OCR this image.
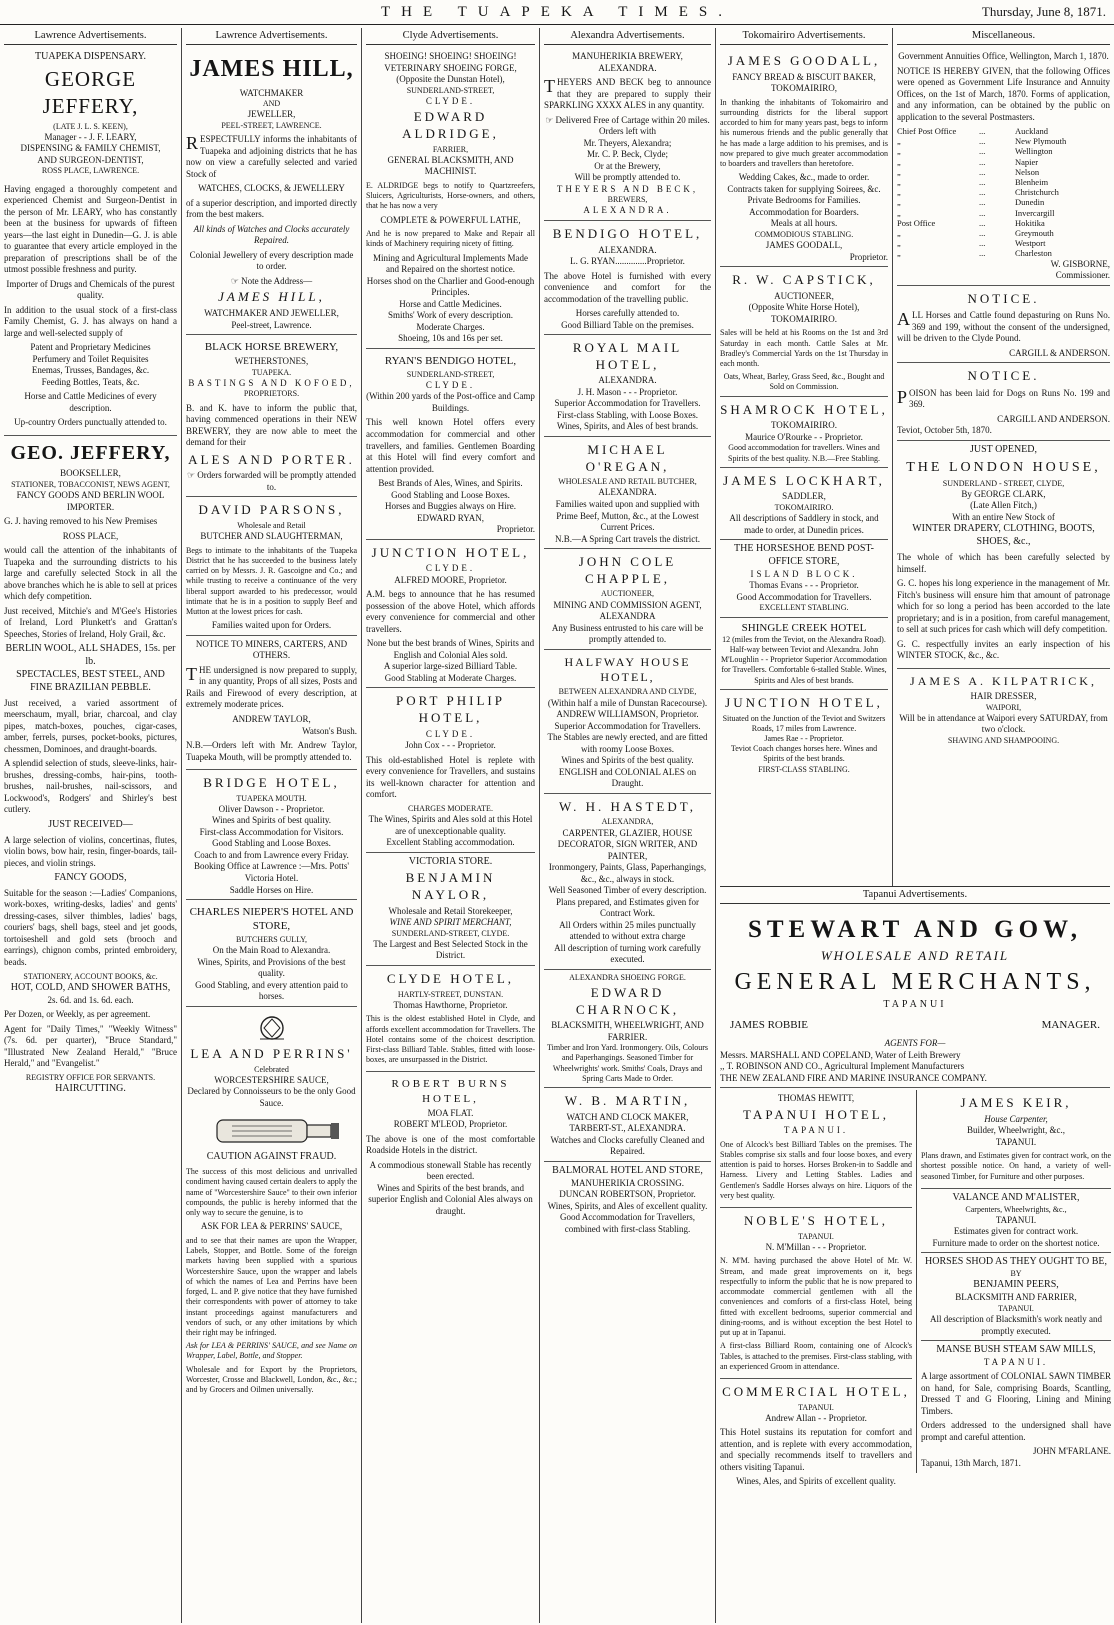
THE TUAPEKA TIMES.	Thursday, June 8, 1871.
Lawrence Advertisements.
TUAPEKA DISPENSARY.
GEORGE JEFFERY,
(LATE J. L. S. KEEN),
Manager - - J. F. LEARY,
DISPENSING & FAMILY CHEMIST,
AND SURGEON-DENTIST,
ROSS PLACE, LAWRENCE.

Having engaged a thoroughly competent and experienced Chemist and Surgeon-Dentist in the person of Mr. LEARY, who has constantly been at the business for upwards of fifteen years—the last eight in Dunedin—G. J. is able to guarantee that every article employed in the preparation of prescriptions shall be of the utmost possible freshness and purity.

Importer of Drugs and Chemicals of the purest quality.

In addition to the usual stock of a first-class Family Chemist, G. J. has always on hand a large and well-selected supply of

Patent and Proprietary Medicines
Perfumery and Toilet Requisites
Enemas, Trusses, Bandages, &c.
Feeding Bottles, Teats, &c.

Horse and Cattle Medicines of every description.

Up-country Orders punctually attended to.

GEO. JEFFERY,
BOOKSELLER,
STATIONER, TOBACCONIST, NEWS AGENT,
FANCY GOODS AND BERLIN WOOL IMPORTER.

G. J. having removed to his New Premises

ROSS PLACE,

would call the attention of the inhabitants of Tuapeka and the surrounding districts to his large and carefully selected Stock in all the above branches which he is able to sell at prices which defy competition.

Just received, Mitchie's and M'Gee's Histories of Ireland, Lord Plunkett's and Grattan's Speeches, Stories of Ireland, Holy Grail, &c.

BERLIN WOOL, ALL SHADES, 15s. per lb.
SPECTACLES, BEST STEEL, AND FINE BRAZILIAN PEBBLE.

Just received, a varied assortment of meerschaum, myall, briar, charcoal, and clay pipes, match-boxes, pouches, cigar-cases, amber, ferrels, purses, pocket-books, pictures, chessmen, Dominoes, and draught-boards.

A splendid selection of studs, sleeve-links, hair-brushes, dressing-combs, hair-pins, tooth-brushes, nail-brushes, nail-scissors, and Lockwood's, Rodgers' and Shirley's best cutlery.

JUST RECEIVED—

A large selection of violins, concertinas, flutes, violin bows, bow hair, resin, finger-boards, tail-pieces, and violin strings.

FANCY GOODS,

Suitable for the season :—Ladies' Companions, work-boxes, writing-desks, ladies' and gents' dressing-cases, silver thimbles, ladies' bags, couriers' bags, shell bags, steel and jet goods, tortoiseshell and gold sets (brooch and earrings), chignon combs, printed embroidery, beads.

STATIONERY, ACCOUNT BOOKS, &c.
HOT, COLD, AND SHOWER BATHS,
2s. 6d. and 1s. 6d. each.

Per Dozen, or Weekly, as per agreement.

Agent for "Daily Times," "Weekly Witness" (7s. 6d. per quarter), "Bruce Standard," "Illustrated New Zealand Herald," "Bruce Herald," and "Evangelist."

REGISTRY OFFICE FOR SERVANTS.
HAIRCUTTING.
Lawrence Advertisements.
JAMES HILL,
WATCHMAKER
AND
JEWELLER,
PEEL-STREET, LAWRENCE.

RESPECTFULLY informs the inhabitants of Tuapeka and adjoining districts that he has now on view a carefully selected and varied Stock of

WATCHES, CLOCKS, & JEWELLERY

of a superior description, and imported directly from the best makers.

All kinds of Watches and Clocks accurately Repaired.

Colonial Jewellery of every description made to order.

☞ Note the Address—
JAMES HILL,
WATCHMAKER AND JEWELLER,
Peel-street, Lawrence.
BLACK HORSE BREWERY,
WETHERSTONES,
TUAPEKA.
BASTINGS AND KOFOED,
PROPRIETORS.

B. and K. have to inform the public that, having commenced operations in their NEW BREWERY, they are now able to meet the demand for their

ALES AND PORTER.
☞ Orders forwarded will be promptly attended to.
DAVID PARSONS,
Wholesale and Retail
BUTCHER AND SLAUGHTERMAN,

Begs to intimate to the inhabitants of the Tuapeka District that he has succeeded to the business lately carried on by Messrs. J. R. Gascoigne and Co.; and while trusting to receive a continuance of the very liberal support awarded to his predecessor, would intimate that he is in a position to supply Beef and Mutton at the lowest prices for cash.

Families waited upon for Orders.
NOTICE TO MINERS, CARTERS, AND OTHERS.

THE undersigned is now prepared to supply, in any quantity, Props of all sizes, Posts and Rails and Firewood of every description, at extremely moderate prices.

ANDREW TAYLOR,
Watson's Bush.

N.B.—Orders left with Mr. Andrew Taylor, Tuapeka Mouth, will be promptly attended to.

BRIDGE HOTEL,
TUAPEKA MOUTH.
Oliver Dawson - - Proprietor.
Wines and Spirits of best quality.
First-class Accommodation for Visitors.
Good Stabling and Loose Boxes.
Coach to and from Lawrence every Friday. Booking Office at Lawrence :—Mrs. Potts' Victoria Hotel.
Saddle Horses on Hire.
CHARLES NIEPER'S HOTEL AND STORE,
BUTCHERS GULLY,
On the Main Road to Alexandra.
Wines, Spirits, and Provisions of the best quality.
Good Stabling, and every attention paid to horses.
LEA AND PERRINS'
Celebrated
WORCESTERSHIRE SAUCE,
Declared by Connoisseurs to be the only Good Sauce.
CAUTION AGAINST FRAUD.

The success of this most delicious and unrivalled condiment having caused certain dealers to apply the name of "Worcestershire Sauce" to their own inferior compounds, the public is hereby informed that the only way to secure the genuine, is to

ASK FOR LEA & PERRINS' SAUCE,

and to see that their names are upon the Wrapper, Labels, Stopper, and Bottle. Some of the foreign markets having been supplied with a spurious Worcestershire Sauce, upon the wrapper and labels of which the names of Lea and Perrins have been forged, L. and P. give notice that they have furnished their correspondents with power of attorney to take instant proceedings against manufacturers and vendors of such, or any other imitations by which their right may be infringed.

Ask for LEA & PERRINS' SAUCE, and see Name on Wrapper, Label, Bottle, and Stopper.

Wholesale and for Export by the Proprietors, Worcester, Crosse and Blackwell, London, &c., &c.; and by Grocers and Oilmen universally.

Clyde Advertisements.
SHOEING! SHOEING! SHOEING!
VETERINARY SHOEING FORGE,
(Opposite the Dunstan Hotel),
SUNDERLAND-STREET,
CLYDE.
EDWARD ALDRIDGE,
FARRIER,
GENERAL BLACKSMITH, AND MACHINIST.

E. ALDRIDGE begs to notify to Quartzreefers, Sluicers, Agriculturists, Horse-owners, and others, that he has now a very

COMPLETE & POWERFUL LATHE,

And he is now prepared to Make and Repair all kinds of Machinery requiring nicety of fitting.

Mining and Agricultural Implements Made and Repaired on the shortest notice.
Horses shod on the Charlier and Good-enough Principles.
Horse and Cattle Medicines.
Smiths' Work of every description.
Moderate Charges.
Shoeing, 10s and 16s per set.
RYAN'S BENDIGO HOTEL,
SUNDERLAND-STREET,
CLYDE.
(Within 200 yards of the Post-office and Camp Buildings.

This well known Hotel offers every accommodation for commercial and other travellers, and families. Gentlemen Boarding at this Hotel will find every comfort and attention provided.

Best Brands of Ales, Wines, and Spirits.
Good Stabling and Loose Boxes.
Horses and Buggies always on Hire.
EDWARD RYAN,
Proprietor.
JUNCTION HOTEL,
CLYDE.
ALFRED MOORE, Proprietor.

A.M. begs to announce that he has resumed possession of the above Hotel, which affords every convenience for commercial and other travellers.

None but the best brands of Wines, Spirits and English and Colonial Ales sold.
A superior large-sized Billiard Table.
Good Stabling at Moderate Charges.
PORT PHILIP HOTEL,
CLYDE.
John Cox - - - Proprietor.

This old-established Hotel is replete with every convenience for Travellers, and sustains its well-known character for attention and comfort.

CHARGES MODERATE.
The Wines, Spirits and Ales sold at this Hotel are of unexceptionable quality.
Excellent Stabling accommodation.
VICTORIA STORE.
BENJAMIN NAYLOR,
Wholesale and Retail Storekeeper,
WINE AND SPIRIT MERCHANT,
SUNDERLAND-STREET, CLYDE.
The Largest and Best Selected Stock in the District.
CLYDE HOTEL,
HARTLY-STREET, DUNSTAN.
Thomas Hawthorne, Proprietor.

This is the oldest established Hotel in Clyde, and affords excellent accommodation for Travellers. The Hotel contains some of the choicest description. First-class Billiard Table. Stables, fitted with loose-boxes, are unsurpassed in the District.

ROBERT BURNS HOTEL,
MOA FLAT.
ROBERT M'LEOD, Proprietor.

The above is one of the most comfortable Roadside Hotels in the district.

A commodious stonewall Stable has recently been erected.
Wines and Spirits of the best brands, and superior English and Colonial Ales always on draught.
Alexandra Advertisements.
MANUHERIKIA BREWERY,
ALEXANDRA.

THEYERS AND BECK beg to announce that they are prepared to supply their SPARKLING XXXX ALES in any quantity.

☞ Delivered Free of Cartage within 20 miles.
Orders left with
Mr. Theyers, Alexandra;
Mr. C. P. Beck, Clyde;
Or at the Brewery,
Will be promptly attended to.
THEYERS AND BECK,
BREWERS,
ALEXANDRA.
BENDIGO HOTEL,
ALEXANDRA.
L. G. RYAN..............Proprietor.

The above Hotel is furnished with every convenience and comfort for the accommodation of the travelling public.

Horses carefully attended to.
Good Billiard Table on the premises.
ROYAL MAIL HOTEL,
ALEXANDRA.
J. H. Mason - - - Proprietor.
Superior Accommodation for Travellers.
First-class Stabling, with Loose Boxes.
Wines, Spirits, and Ales of best brands.
MICHAEL O'REGAN,
WHOLESALE AND RETAIL BUTCHER,
ALEXANDRA.
Families waited upon and supplied with Prime Beef, Mutton, &c., at the Lowest Current Prices.
N.B.—A Spring Cart travels the district.
JOHN COLE CHAPPLE,
AUCTIONEER,
MINING AND COMMISSION AGENT,
ALEXANDRA
Any Business entrusted to his care will be promptly attended to.
HALFWAY HOUSE HOTEL,
BETWEEN ALEXANDRA AND CLYDE,
(Within half a mile of Dunstan Racecourse).
ANDREW WILLIAMSON, Proprietor.
Superior Accommodation for Travellers.
The Stables are newly erected, and are fitted with roomy Loose Boxes.
Wines and Spirits of the best quality.
ENGLISH and COLONIAL ALES on Draught.
W. H. HASTEDT,
ALEXANDRA,
CARPENTER, GLAZIER, HOUSE DECORATOR, SIGN WRITER, AND PAINTER,
Ironmongery, Paints, Glass, Paperhangings, &c., &c., always in stock.
Well Seasoned Timber of every description.
Plans prepared, and Estimates given for Contract Work.
All Orders within 25 miles punctually attended to without extra charge
All description of turning work carefully executed.
ALEXANDRA SHOEING FORGE.
EDWARD CHARNOCK,
BLACKSMITH, WHEELWRIGHT, AND FARRIER.
Timber and Iron Yard. Ironmongery. Oils, Colours and Paperhangings. Seasoned Timber for Wheelwrights' work. Smiths' Coals, Drays and Spring Carts Made to Order.
W. B. MARTIN,
WATCH AND CLOCK MAKER,
TARBERT-ST., ALEXANDRA.
Watches and Clocks carefully Cleaned and Repaired.
BALMORAL HOTEL AND STORE,
MANUHERIKIA CROSSING.
DUNCAN ROBERTSON, Proprietor.
Wines, Spirits, and Ales of excellent quality.
Good Accommodation for Travellers, combined with first-class Stabling.
Tokomairiro Advertisements.
JAMES GOODALL,
FANCY BREAD & BISCUIT BAKER,
TOKOMAIRIRO,

In thanking the inhabitants of Tokomairiro and surrounding districts for the liberal support accorded to him for many years past, begs to inform his numerous friends and the public generally that he has made a large addition to his premises, and is now prepared to give much greater accommodation to boarders and travellers than heretofore.

Wedding Cakes, &c., made to order.
Contracts taken for supplying Soirees, &c.
Private Bedrooms for Families.
Accommodation for Boarders.
Meals at all hours.
COMMODIOUS STABLING.
JAMES GOODALL,
Proprietor.
R. W. CAPSTICK,
AUCTIONEER,
(Opposite White Horse Hotel),
TOKOMAIRIRO.

Sales will be held at his Rooms on the 1st and 3rd Saturday in each month. Cattle Sales at Mr. Bradley's Commercial Yards on the 1st Thursday in each month.

Oats, Wheat, Barley, Grass Seed, &c., Bought and Sold on Commission.
SHAMROCK HOTEL,
TOKOMAIRIRO.
Maurice O'Rourke - - Proprietor.
Good accommodation for travellers. Wines and Spirits of the best quality. N.B.—Free Stabling.
JAMES LOCKHART,
SADDLER,
TOKOMAIRIRO.
All descriptions of Saddlery in stock, and made to order, at Dunedin prices.
THE HORSESHOE BEND POST-OFFICE STORE,
ISLAND BLOCK.
Thomas Evans - - - Proprietor.
Good Accommodation for Travellers.
EXCELLENT STABLING.
SHINGLE CREEK HOTEL
12 (miles from the Teviot, on the Alexandra Road). Half-way between Teviot and Alexandra. John M'Loughlin - - Proprietor Superior Accommodation for Travellers. Comfortable 6-stalled Stable. Wines, Spirits and Ales of best brands.
JUNCTION HOTEL,
Situated on the Junction of the Teviot and Switzers Roads, 17 miles from Lawrence.
James Rae - - Proprietor.
Teviot Coach changes horses here. Wines and Spirits of the best brands.
FIRST-CLASS STABLING.
Miscellaneous.
Government Annuities Office, Wellington, March 1, 1870.

NOTICE IS HEREBY GIVEN, that the following Offices were opened as Government Life Insurance and Annuity Offices, on the 1st of March, 1870. Forms of application, and any information, can be obtained by the public on application to the several Postmasters.

Chief Post Office	...	Auckland
„	...	New Plymouth
„	...	Wellington
„	...	Napier
„	...	Nelson
„	...	Blenheim
„	...	Christchurch
„	...	Dunedin
„	...	Invercargill
Post Office	...	Hokitika
„	...	Greymouth
„	...	Westport
„	...	Charleston
W. GISBORNE,
Commissioner.
NOTICE.

ALL Horses and Cattle found depasturing on Runs No. 369 and 199, without the consent of the undersigned, will be driven to the Clyde Pound.

CARGILL & ANDERSON.
NOTICE.

POISON has been laid for Dogs on Runs No. 199 and 369.

CARGILL AND ANDERSON.
Teviot, October 5th, 1870.
JUST OPENED,
THE LONDON HOUSE,
SUNDERLAND - STREET, CLYDE,
By GEORGE CLARK,
(Late Allen Fitch,)
With an entire New Stock of
WINTER DRAPERY, CLOTHING, BOOTS, SHOES, &c.,

The whole of which has been carefully selected by himself.

G. C. hopes his long experience in the management of Mr. Fitch's business will ensure him that amount of patronage which for so long a period has been accorded to the late proprietary; and is in a position, from careful management, to sell at such prices for cash which will defy competition.

G. C. respectfully invites an early inspection of his WINTER STOCK, &c., &c.

JAMES A. KILPATRICK,
HAIR DRESSER,
WAIPORI,
Will be in attendance at Waipori every SATURDAY, from two o'clock.
SHAVING AND SHAMPOOING.
Tapanui Advertisements.
STEWART AND GOW,
WHOLESALE AND RETAIL
GENERAL MERCHANTS,
TAPANUI
JAMES ROBBIE	MANAGER.
AGENTS FOR—
Messrs. MARSHALL AND COPELAND, Water of Leith Brewery
,, T. ROBINSON AND CO., Agricultural Implement Manufacturers
THE NEW ZEALAND FIRE AND MARINE INSURANCE COMPANY.
THOMAS HEWITT,
TAPANUI HOTEL,
TAPANUI.

One of Alcock's best Billiard Tables on the premises. The Stables comprise six stalls and four loose boxes, and every attention is paid to horses. Horses Broken-in to Saddle and Harness. Livery and Letting Stables. Ladies and Gentlemen's Saddle Horses always on hire. Liquors of the very best quality.

NOBLE'S HOTEL,
TAPANUI.
N. M'Millan - - - Proprietor.

N. M'M. having purchased the above Hotel of Mr. W. Stream, and made great improvements on it, begs respectfully to inform the public that he is now prepared to accommodate commercial gentlemen with all the conveniences and comforts of a first-class Hotel, being fitted with excellent bedrooms, superior commercial and dining-rooms, and is without exception the best Hotel to put up at in Tapanui.

A first-class Billiard Room, containing one of Alcock's Tables, is attached to the premises. First-class stabling, with an experienced Groom in attendance.

COMMERCIAL HOTEL,
TAPANUI.
Andrew Allan - - Proprietor.

This Hotel sustains its reputation for comfort and attention, and is replete with every accommodation, and specially recommends itself to travellers and others visiting Tapanui.

Wines, Ales, and Spirits of excellent quality.
JAMES KEIR,
House Carpenter,
Builder, Wheelwright, &c.,
TAPANUI.

Plans drawn, and Estimates given for contract work, on the shortest possible notice. On hand, a variety of well-seasoned Timber, for Furniture and other purposes.

VALANCE AND M'ALISTER,
Carpenters, Wheelwrights, &c.,
TAPANUI.
Estimates given for contract work.
Furniture made to order on the shortest notice.
HORSES SHOD AS THEY OUGHT TO BE,
BY
BENJAMIN PEERS,
BLACKSMITH AND FARRIER,
TAPANUI.
All description of Blacksmith's work neatly and promptly executed.
MANSE BUSH STEAM SAW MILLS,
TAPANUI.

A large assortment of COLONIAL SAWN TIMBER on hand, for Sale, comprising Boards, Scantling, Dressed T and G Flooring, Lining and Mining Timbers.

Orders addressed to the undersigned shall have prompt and careful attention.

JOHN M'FARLANE.
Tapanui, 13th March, 1871.
